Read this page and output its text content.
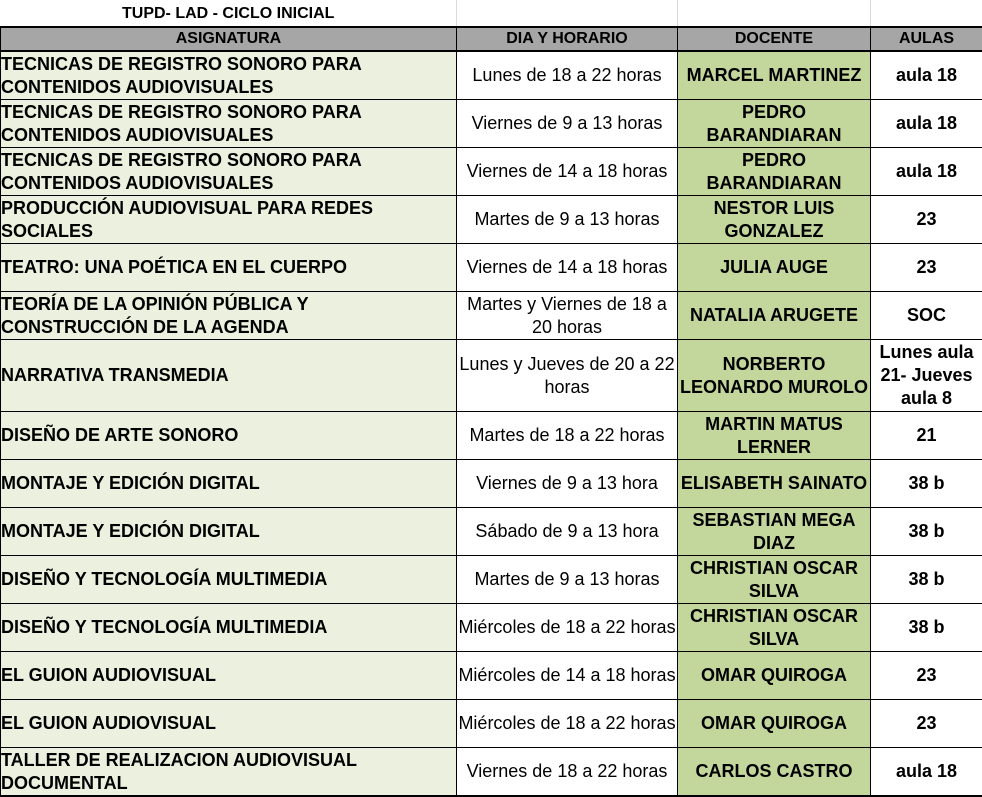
TUPD- LAD - CICLO INICIAL
ASIGNATURA	DIA Y HORARIO	DOCENTE	AULAS
TECNICAS DE REGISTRO SONORO PARA CONTENIDOS AUDIOVISUALES	Lunes de 18 a 22 horas	MARCEL MARTINEZ	aula 18
TECNICAS DE REGISTRO SONORO PARA CONTENIDOS AUDIOVISUALES	Viernes de 9 a 13 horas	PEDRO BARANDIARAN	aula 18
TECNICAS DE REGISTRO SONORO PARA CONTENIDOS AUDIOVISUALES	Viernes de 14 a 18 horas	PEDRO BARANDIARAN	aula 18
PRODUCCIÓN AUDIOVISUAL PARA REDES SOCIALES	Martes de 9 a 13 horas	NESTOR LUIS GONZALEZ	23
TEATRO: UNA POÉTICA EN EL CUERPO	Viernes de 14 a 18 horas	JULIA AUGE	23
TEORÍA DE LA OPINIÓN PÚBLICA Y CONSTRUCCIÓN DE LA AGENDA	Martes y Viernes de 18 a 20 horas	NATALIA ARUGETE	SOC
NARRATIVA TRANSMEDIA	Lunes y Jueves de 20 a 22 horas	NORBERTO LEONARDO MUROLO	Lunes aula 21- Jueves aula 8
DISEÑO DE ARTE SONORO	Martes de 18 a 22 horas	MARTIN MATUS LERNER	21
MONTAJE Y EDICIÓN DIGITAL	Viernes de 9 a 13 hora	ELISABETH SAINATO	38 b
MONTAJE Y EDICIÓN DIGITAL	Sábado de 9 a 13 hora	SEBASTIAN MEGA DIAZ	38 b
DISEÑO Y TECNOLOGÍA MULTIMEDIA	Martes de 9 a 13 horas	CHRISTIAN OSCAR SILVA	38 b
DISEÑO Y TECNOLOGÍA MULTIMEDIA	Miércoles de 18 a 22 horas	CHRISTIAN OSCAR SILVA	38 b
EL GUION AUDIOVISUAL	Miércoles de 14 a 18 horas	OMAR QUIROGA	23
EL GUION AUDIOVISUAL	Miércoles de 18 a 22 horas	OMAR QUIROGA	23
TALLER DE REALIZACION AUDIOVISUAL DOCUMENTAL	Viernes de 18 a 22 horas	CARLOS CASTRO	aula 18
